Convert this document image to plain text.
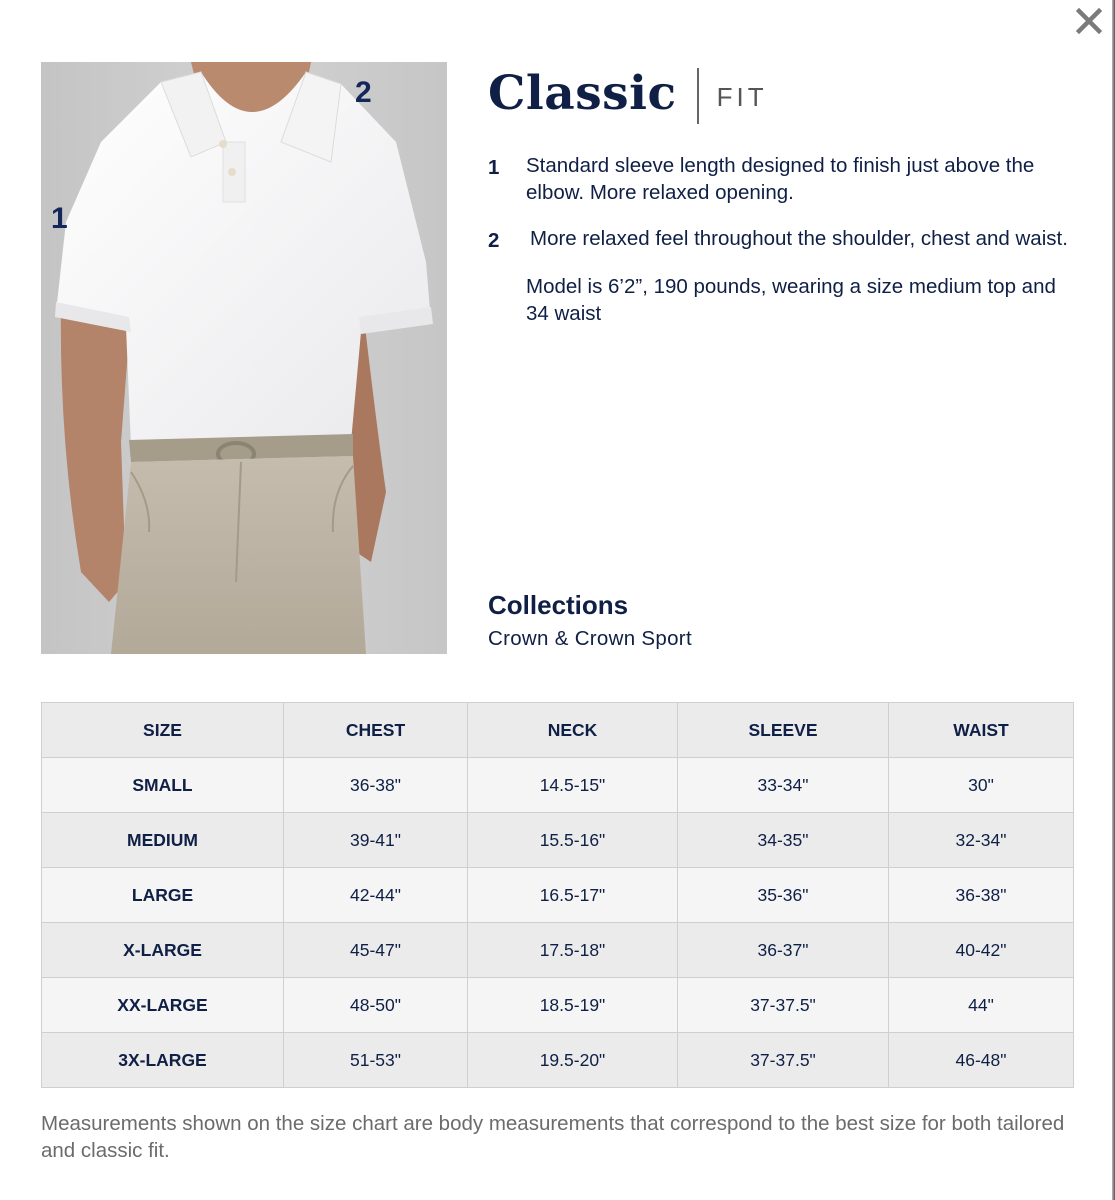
1
2 Classic FIT
1	Standard sleeve length designed to finish just above the elbow. More relaxed opening.
2	More relaxed feel throughout the shoulder, chest and waist.
Model is 6’2”, 190 pounds, wearing a size medium top and 34 waist
Collections

Crown & Crown Sport

SIZE	CHEST	NECK	SLEEVE	WAIST
SMALL	36-38"	14.5-15"	33-34"	30"
MEDIUM	39-41"	15.5-16"	34-35"	32-34"
LARGE	42-44"	16.5-17"	35-36"	36-38"
X-LARGE	45-47"	17.5-18"	36-37"	40-42"
XX-LARGE	48-50"	18.5-19"	37-37.5"	44"
3X-LARGE	51-53"	19.5-20"	37-37.5"	46-48"
Measurements shown on the size chart are body measurements that correspond to the best size for both tailored and classic fit.
